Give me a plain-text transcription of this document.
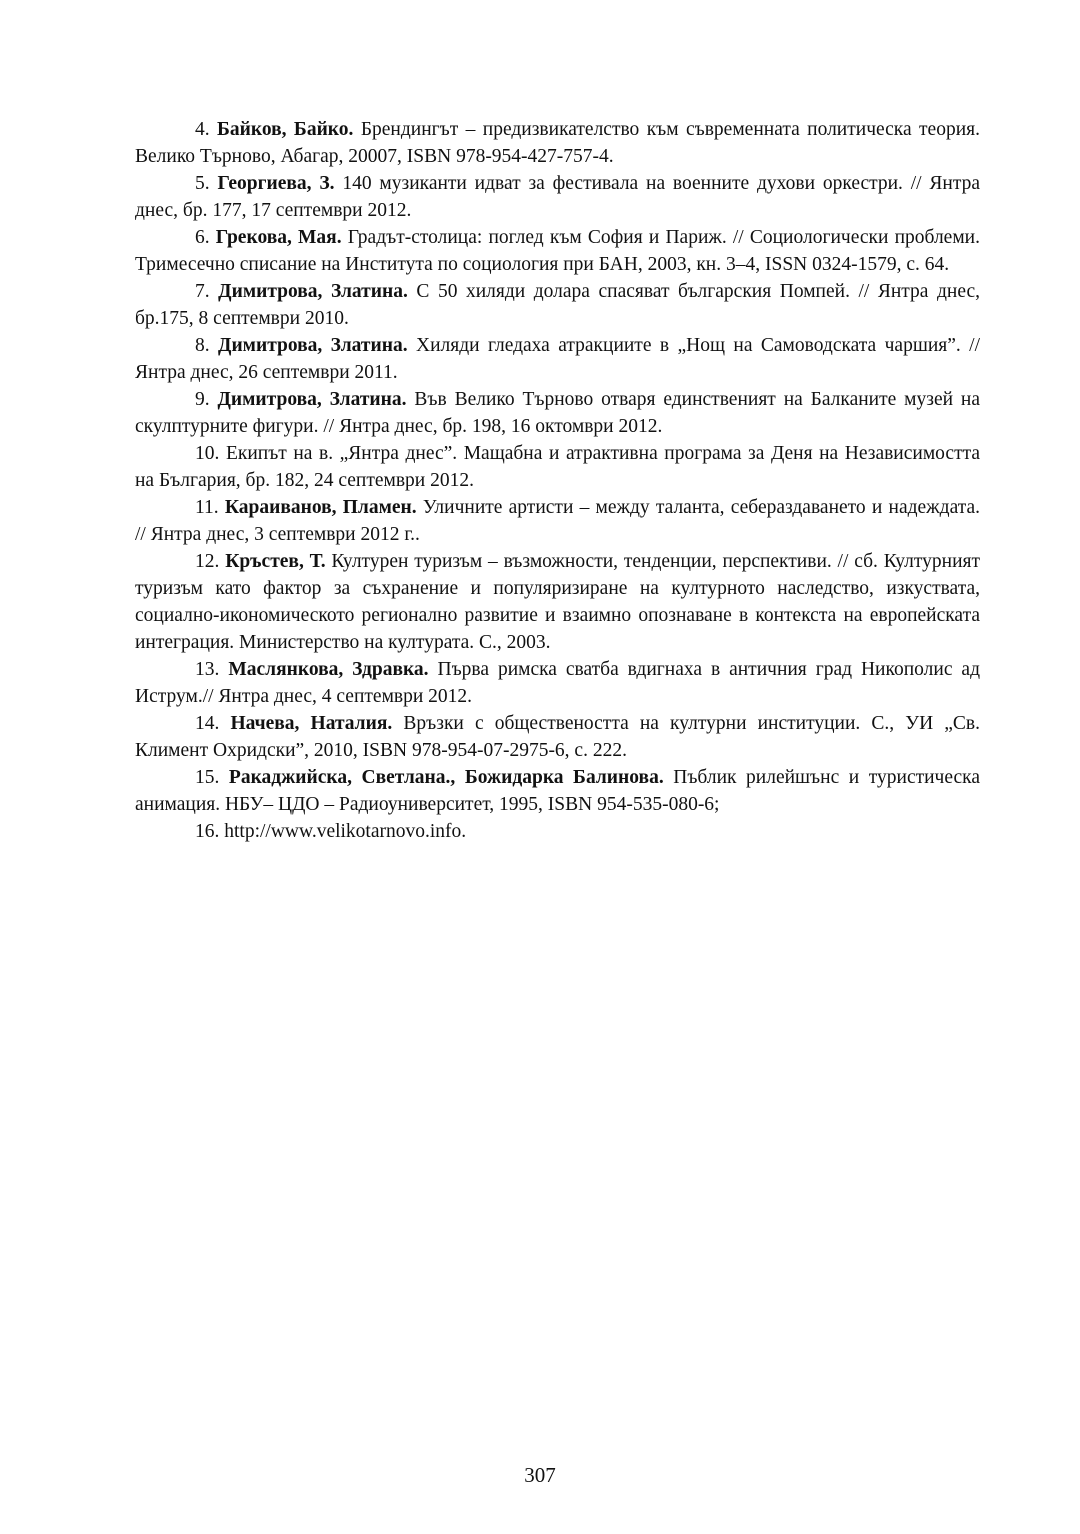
4. Байков, Байко. Брендингът – предизвикателство към съвременната политическа теория. Велико Търново, Абагар, 20007, ISBN 978-954-427-757-4.

5. Георгиева, З. 140 музиканти идват за фестивала на военните духови оркестри. // Янтра днес, бр. 177, 17 септември 2012.

6. Грекова, Мая. Градът-столица: поглед към София и Париж. // Социологически проблеми. Тримесечно списание на Института по социология при БАН, 2003, кн. 3–4, ISSN 0324-1579, с. 64.

7. Димитрова, Златина. С 50 хиляди долара спасяват българския Помпей. // Янтра днес, бр.175, 8 септември 2010.

8. Димитрова, Златина. Хиляди гледаха атракциите в „Нощ на Самоводската чаршия”. // Янтра днес, 26 септември 2011.

9. Димитрова, Златина. Във Велико Търново отваря единственият на Балканите музей на скулптурните фигури. // Янтра днес, бр. 198, 16 октомври 2012.

10. Екипът на в. „Янтра днес”. Мащабна и атрактивна програма за Деня на Независимостта на България, бр. 182, 24 септември 2012.

11. Караиванов, Пламен. Уличните артисти – между таланта, себераздаването и надеждата. // Янтра днес, 3 септември 2012 г..

12. Кръстев, Т. Културен туризъм – възможности, тенденции, перспективи. // сб. Културният туризъм като фактор за съхранение и популяризиране на културното наследство, изкуствата, социално-икономическото регионално развитие и взаимно опознаване в контекста на европейската интеграция. Министерство на културата. С., 2003.

13. Маслянкова, Здравка. Първа римска сватба вдигнаха в античния град Никополис ад Иструм.// Янтра днес, 4 септември 2012.

14. Начева, Наталия. Връзки с обществеността на културни институции. С., УИ „Св. Климент Охридски”, 2010, ISBN 978-954-07-2975-6, с. 222.

15. Ракаджийска, Светлана., Божидарка Балинова. Пъблик рилейшънс и туристическа анимация. НБУ– ЦДО – Радиоуниверситет, 1995, ISBN 954-535-080-6;

16. http://www.velikotarnovo.info.

307
